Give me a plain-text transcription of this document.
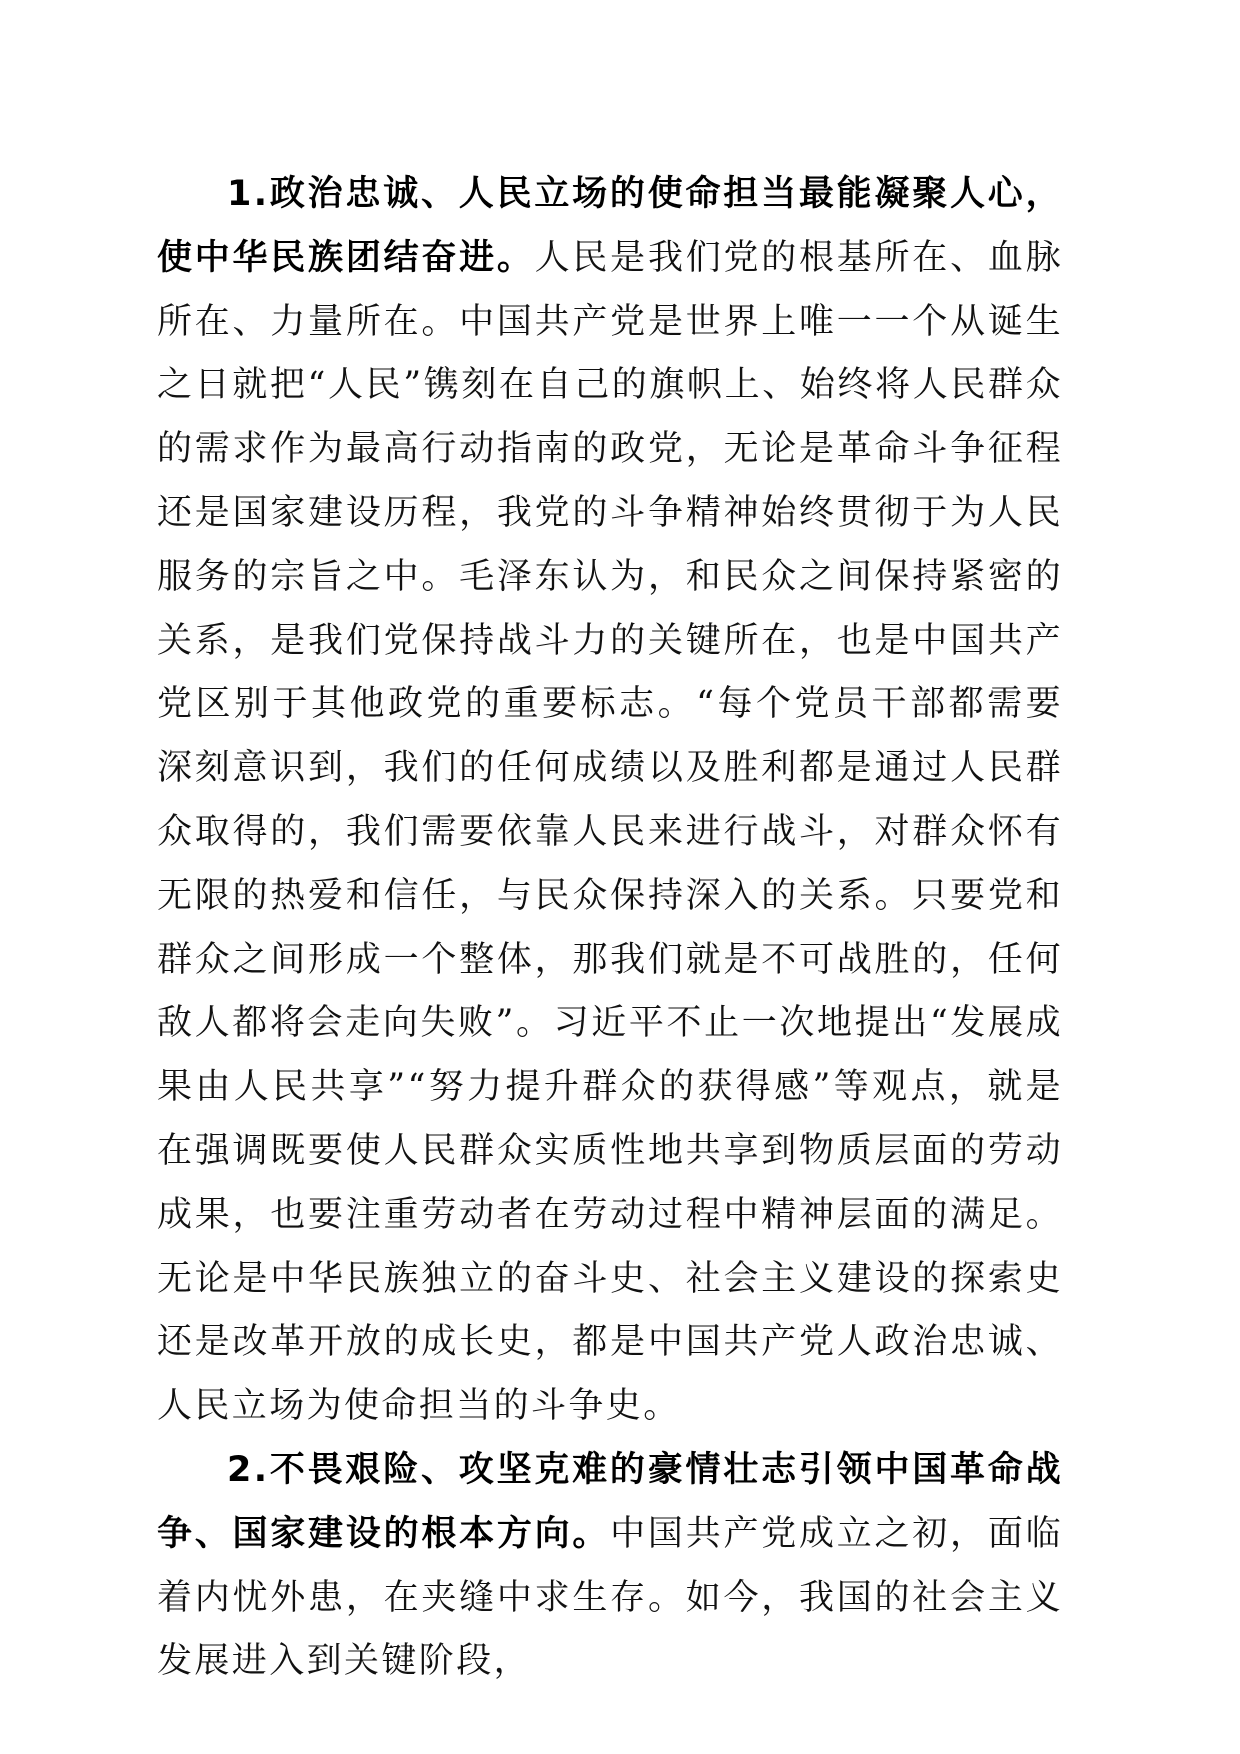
1.政治忠诚、人民立场的使命担当最能凝聚人心，使中华民族团结奋进。人民是我们党的根基所在、血脉所在、力量所在。中国共产党是世界上唯一一个从诞生之日就把“人民”镌刻在自己的旗帜上、始终将人民群众的需求作为最高行动指南的政党，无论是革命斗争征程还是国家建设历程，我党的斗争精神始终贯彻于为人民服务的宗旨之中。毛泽东认为，和民众之间保持紧密的关系，是我们党保持战斗力的关键所在，也是中国共产党区别于其他政党的重要标志。“每个党员干部都需要深刻意识到，我们的任何成绩以及胜利都是通过人民群众取得的，我们需要依靠人民来进行战斗，对群众怀有无限的热爱和信任，与民众保持深入的关系。只要党和群众之间形成一个整体，那我们就是不可战胜的，任何敌人都将会走向失败”。习近平不止一次地提出“发展成果由人民共享”“努力提升群众的获得感”等观点，就是在强调既要使人民群众实质性地共享到物质层面的劳动成果，也要注重劳动者在劳动过程中精神层面的满足。无论是中华民族独立的奋斗史、社会主义建设的探索史还是改革开放的成长史，都是中国共产党人政治忠诚、人民立场为使命担当的斗争史。

2.不畏艰险、攻坚克难的豪情壮志引领中国革命战争、国家建设的根本方向。中国共产党成立之初，面临着内忧外患，在夹缝中求生存。如今，我国的社会主义发展进入到关键阶段，
